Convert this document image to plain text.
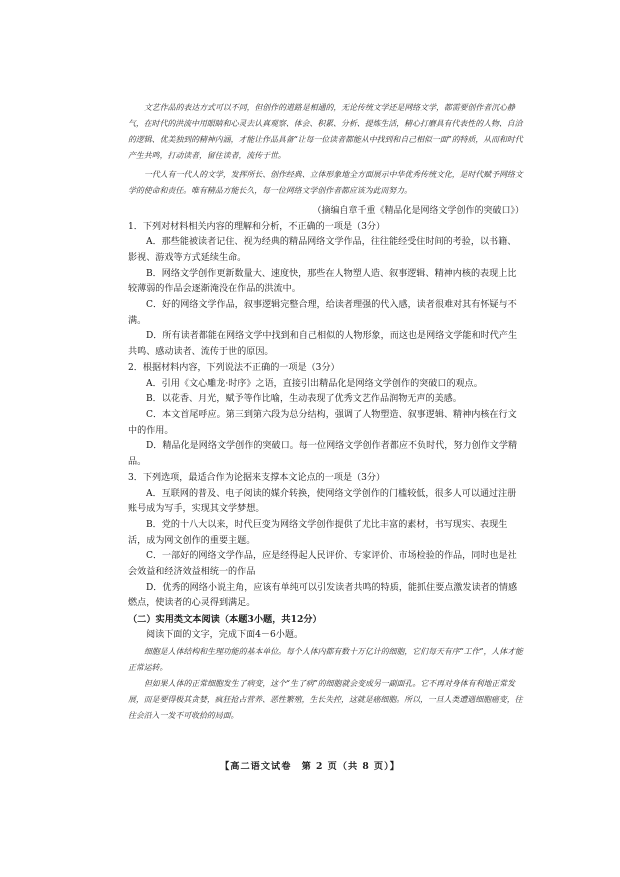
文艺作品的表达方式可以不同，但创作的道路是相通的，无论传统文学还是网络文学，都需要创作者沉心静气，在时代的洪流中用眼睛和心灵去认真观察、体会、积累、分析、提炼生活，精心打磨具有代表性的人物、自洽的逻辑、优美独到的精神内涵，才能让作品具备“让每一位读者都能从中找到和自己相似一面”的特质，从而和时代产生共鸣，打动读者，留住读者，流传于世。

一代人有一代人的文学，发挥所长、创作经典、立体形象地全方面展示中华优秀传统文化，是时代赋予网络文学的使命和责任。唯有精品方能长久，每一位网络文学创作者都应该为此而努力。

（摘编自章千重《精品化是网络文学创作的突破口》）

1．下列对材料相关内容的理解和分析，不正确的一项是（3分）

A．那些能被读者记住、视为经典的精品网络文学作品，往往能经受住时间的考验，以书籍、影视、游戏等方式延续生命。

B．网络文学创作更新数量大、速度快，那些在人物塑人造、叙事逻辑、精神内核的表现上比较薄弱的作品会逐渐淹没在作品的洪流中。

C．好的网络文学作品，叙事逻辑完整合理，给读者理强的代入感，读者很难对其有怀疑与不满。

D．所有读者都能在网络文学中找到和自己相似的人物形象，而这也是网络文学能和时代产生共鸣、感动读者、流传于世的原因。

2．根据材料内容，下列说法不正确的一项是（3分）

A．引用《文心雕龙·时序》之语，直接引出精品化是网络文学创作的突破口的观点。

B．以花香、月光，赋予等作比喻，生动表现了优秀文艺作品润物无声的美感。

C．本文首尾呼应。第三到第六段为总分结构，强调了人物塑造、叙事逻辑、精神内核在行文中的作用。

D．精品化是网络文学创作的突破口。每一位网络文学创作者都应不负时代，努力创作文学精品。

3．下列选项，最适合作为论据来支撑本文论点的一项是（3分）

A．互联网的普及、电子阅读的媒介转换，使网络文学创作的门槛较低，很多人可以通过注册账号成为写手，实现其文学梦想。

B．党的十八大以来，时代巨变为网络文学创作提供了尤比丰富的素材，书写现实、表现生活，成为网文创作的重要主题。

C．一部好的网络文学作品，应是经得起人民评价、专家评价、市场检验的作品，同时也是社会效益和经济效益相统一的作品

D．优秀的网络小说主角，应该有单纯可以引发读者共鸣的特质，能抓住要点激发读者的情感燃点，使读者的心灵得到满足。

（二）实用类文本阅读（本题3小题，共12分）

阅读下面的文字，完成下面4－6小题。

细胞是人体结构和生理功能的基本单位。每个人体内都有数十万亿计的细胞，它们每天有序“工作”，人体才能正常运转。

但如果人体的正常细胞发生了病变，这个“生了病”的细胞就会变成另一副面孔。它不再对身体有利地正常发展，而是要得极其贪婪，疯狂抢占营养、恶性繁殖，生长失控，这就是癌细胞。所以，一旦人类遭遇细胞癌变，往往会沿入一发不可收拾的局面。

【高二语文试卷　第 2 页（共 8 页）】
